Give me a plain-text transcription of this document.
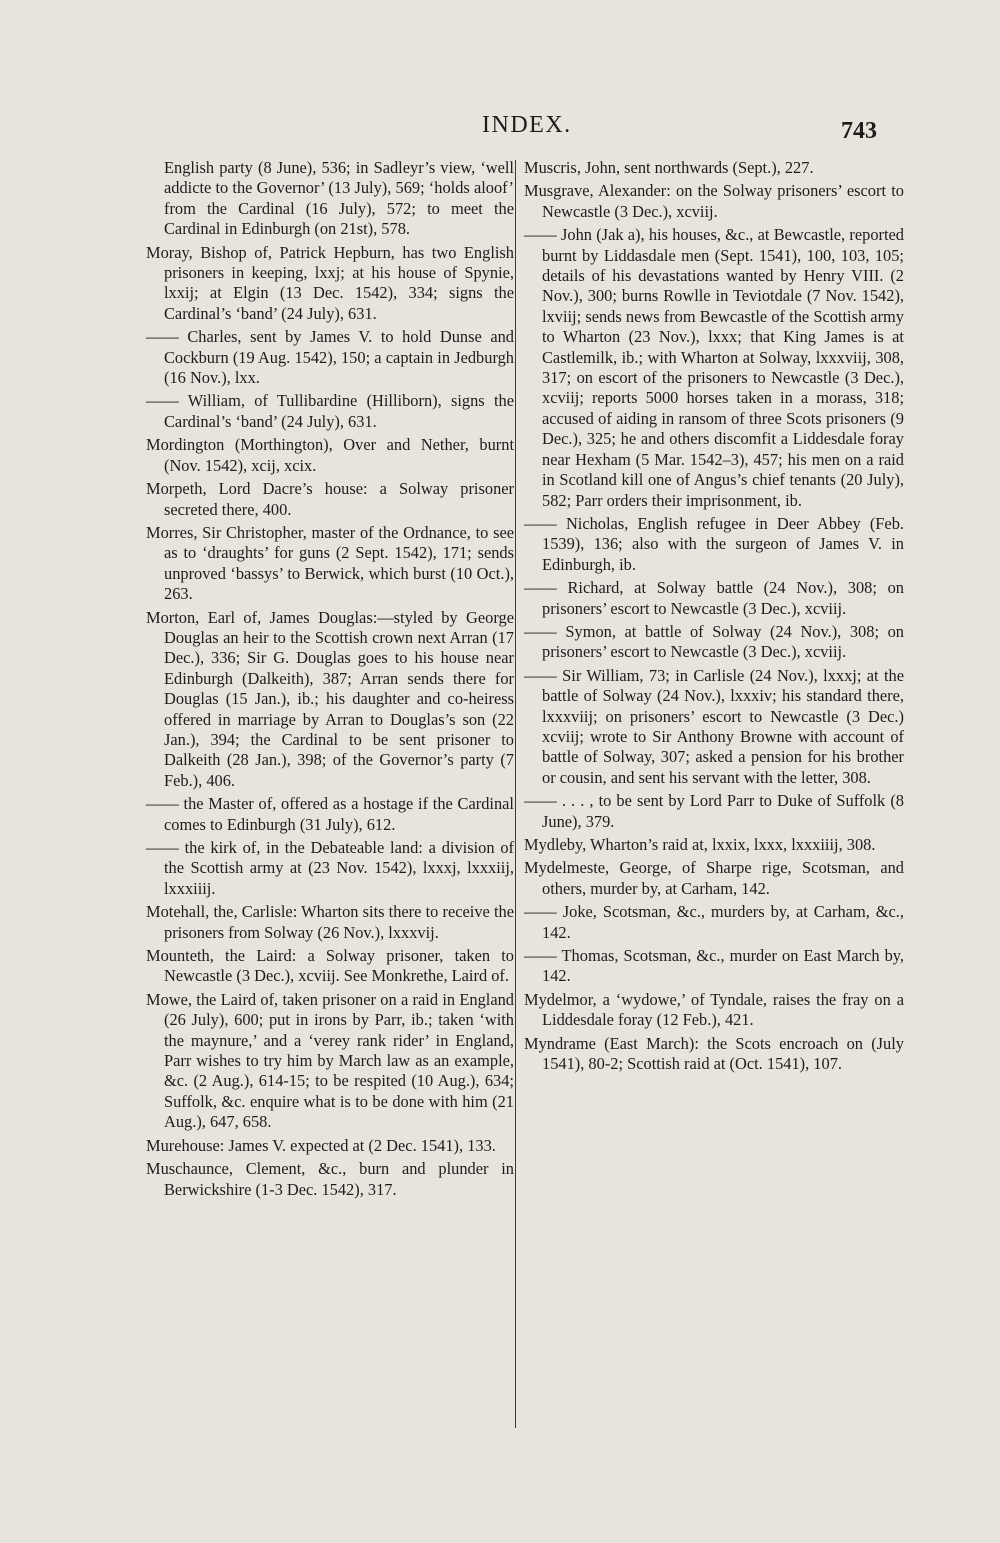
INDEX.	743

English party (8 June), 536; in Sadleyr’s view, ‘well addicte to the Governor’ (13 July), 569; ‘holds aloof’ from the Cardinal (16 July), 572; to meet the Cardinal in Edinburgh (on 21st), 578.

Moray, Bishop of, Patrick Hepburn, has two English prisoners in keeping, lxxj; at his house of Spynie, lxxij; at Elgin (13 Dec. 1542), 334; signs the Cardinal’s ‘band’ (24 July), 631.

—— Charles, sent by James V. to hold Dunse and Cockburn (19 Aug. 1542), 150; a captain in Jedburgh (16 Nov.), lxx.

—— William, of Tullibardine (Hilliborn), signs the Cardinal’s ‘band’ (24 July), 631.

Mordington (Morthington), Over and Nether, burnt (Nov. 1542), xcij, xcix.

Morpeth, Lord Dacre’s house: a Solway prisoner secreted there, 400.

Morres, Sir Christopher, master of the Ordnance, to see as to ‘draughts’ for guns (2 Sept. 1542), 171; sends unproved ‘bassys’ to Berwick, which burst (10 Oct.), 263.

Morton, Earl of, James Douglas:—styled by George Douglas an heir to the Scottish crown next Arran (17 Dec.), 336; Sir G. Douglas goes to his house near Edinburgh (Dalkeith), 387; Arran sends there for Douglas (15 Jan.), ib.; his daughter and co-heiress offered in marriage by Arran to Douglas’s son (22 Jan.), 394; the Cardinal to be sent prisoner to Dalkeith (28 Jan.), 398; of the Governor’s party (7 Feb.), 406.

—— the Master of, offered as a hostage if the Cardinal comes to Edinburgh (31 July), 612.

—— the kirk of, in the Debateable land: a division of the Scottish army at (23 Nov. 1542), lxxxj, lxxxiij, lxxxiiij.

Motehall, the, Carlisle: Wharton sits there to receive the prisoners from Solway (26 Nov.), lxxxvij.

Mounteth, the Laird: a Solway prisoner, taken to Newcastle (3 Dec.), xcviij. See Monkrethe, Laird of.

Mowe, the Laird of, taken prisoner on a raid in England (26 July), 600; put in irons by Parr, ib.; taken ‘with the maynure,’ and a ‘verey rank rider’ in England, Parr wishes to try him by March law as an example, &c. (2 Aug.), 614-15; to be respited (10 Aug.), 634; Suffolk, &c. enquire what is to be done with him (21 Aug.), 647, 658.

Murehouse: James V. expected at (2 Dec. 1541), 133.

Muschaunce, Clement, &c., burn and plunder in Berwickshire (1-3 Dec. 1542), 317.

Muscris, John, sent northwards (Sept.), 227.

Musgrave, Alexander: on the Solway prisoners’ escort to Newcastle (3 Dec.), xcviij.

—— John (Jak a), his houses, &c., at Bewcastle, reported burnt by Liddasdale men (Sept. 1541), 100, 103, 105; details of his devastations wanted by Henry VIII. (2 Nov.), 300; burns Rowlle in Teviotdale (7 Nov. 1542), lxviij; sends news from Bewcastle of the Scottish army to Wharton (23 Nov.), lxxx; that King James is at Castlemilk, ib.; with Wharton at Solway, lxxxviij, 308, 317; on escort of the prisoners to Newcastle (3 Dec.), xcviij; reports 5000 horses taken in a morass, 318; accused of aiding in ransom of three Scots prisoners (9 Dec.), 325; he and others discomfit a Liddesdale foray near Hexham (5 Mar. 1542–3), 457; his men on a raid in Scotland kill one of Angus’s chief tenants (20 July), 582; Parr orders their imprisonment, ib.

—— Nicholas, English refugee in Deer Abbey (Feb. 1539), 136; also with the surgeon of James V. in Edinburgh, ib.

—— Richard, at Solway battle (24 Nov.), 308; on prisoners’ escort to Newcastle (3 Dec.), xcviij.

—— Symon, at battle of Solway (24 Nov.), 308; on prisoners’ escort to Newcastle (3 Dec.), xcviij.

—— Sir William, 73; in Carlisle (24 Nov.), lxxxj; at the battle of Solway (24 Nov.), lxxxiv; his standard there, lxxxviij; on prisoners’ escort to Newcastle (3 Dec.) xcviij; wrote to Sir Anthony Browne with account of battle of Solway, 307; asked a pension for his brother or cousin, and sent his servant with the letter, 308.

—— . . . , to be sent by Lord Parr to Duke of Suffolk (8 June), 379.

Mydleby, Wharton’s raid at, lxxix, lxxx, lxxxiiij, 308.

Mydelmeste, George, of Sharpe rige, Scotsman, and others, murder by, at Carham, 142.

—— Joke, Scotsman, &c., murders by, at Carham, &c., 142.

—— Thomas, Scotsman, &c., murder on East March by, 142.

Mydelmor, a ‘wydowe,’ of Tyndale, raises the fray on a Liddesdale foray (12 Feb.), 421.

Myndrame (East March): the Scots encroach on (July 1541), 80-2; Scottish raid at (Oct. 1541), 107.
